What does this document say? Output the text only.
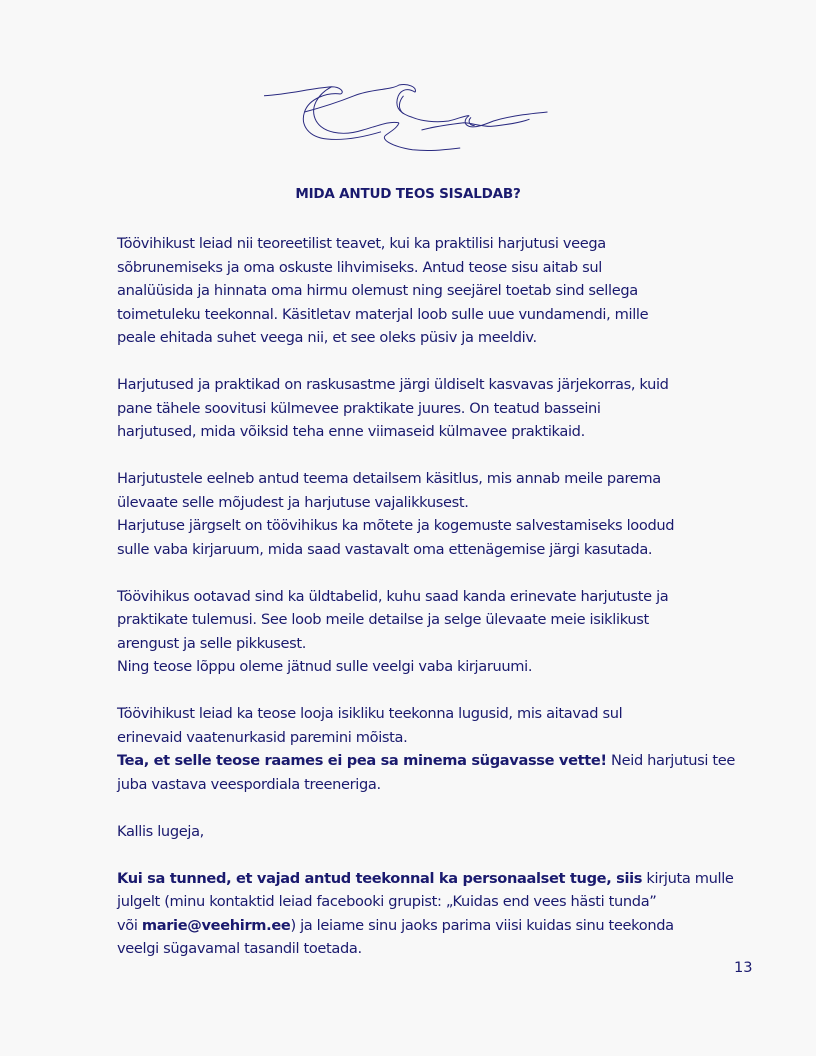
MIDA ANTUD TEOS SISALDAB?

Töövihikust leiad nii teoreetilist teavet, kui ka praktilisi harjutusi veega
sõbrunemiseks ja oma oskuste lihvimiseks. Antud teose sisu aitab sul
analüüsida ja hinnata oma hirmu olemust ning seejärel toetab sind sellega
toimetuleku teekonnal. Käsitletav materjal loob sulle uue vundamendi, mille
peale ehitada suhet veega nii, et see oleks püsiv ja meeldiv.

Harjutused ja praktikad on raskusastme järgi üldiselt kasvavas järjekorras, kuid
pane tähele soovitusi külmevee praktikate juures. On teatud basseini
harjutused, mida võiksid teha enne viimaseid külmavee praktikaid.

Harjutustele eelneb antud teema detailsem käsitlus, mis annab meile parema
ülevaate selle mõjudest ja harjutuse vajalikkusest.
Harjutuse järgselt on töövihikus ka mõtete ja kogemuste salvestamiseks loodud
sulle vaba kirjaruum, mida saad vastavalt oma ettenägemise järgi kasutada.

Töövihikus ootavad sind ka üldtabelid, kuhu saad kanda erinevate harjutuste ja
praktikate tulemusi. See loob meile detailse ja selge ülevaate meie isiklikust
arengust ja selle pikkusest.
Ning teose lõppu oleme jätnud sulle veelgi vaba kirjaruumi.

Töövihikust leiad ka teose looja isikliku teekonna lugusid, mis aitavad sul
erinevaid vaatenurkasid paremini mõista.
Tea, et selle teose raames ei pea sa minema sügavasse vette! Neid harjutusi tee
juba vastava veespordiala treeneriga.

Kallis lugeja,

Kui sa tunned, et vajad antud teekonnal ka personaalset tuge, siis kirjuta mulle
julgelt (minu kontaktid leiad facebooki grupist: „Kuidas end vees hästi tunda”
või marie@veehirm.ee) ja leiame sinu jaoks parima viisi kuidas sinu teekonda
veelgi sügavamal tasandil toetada.

13
